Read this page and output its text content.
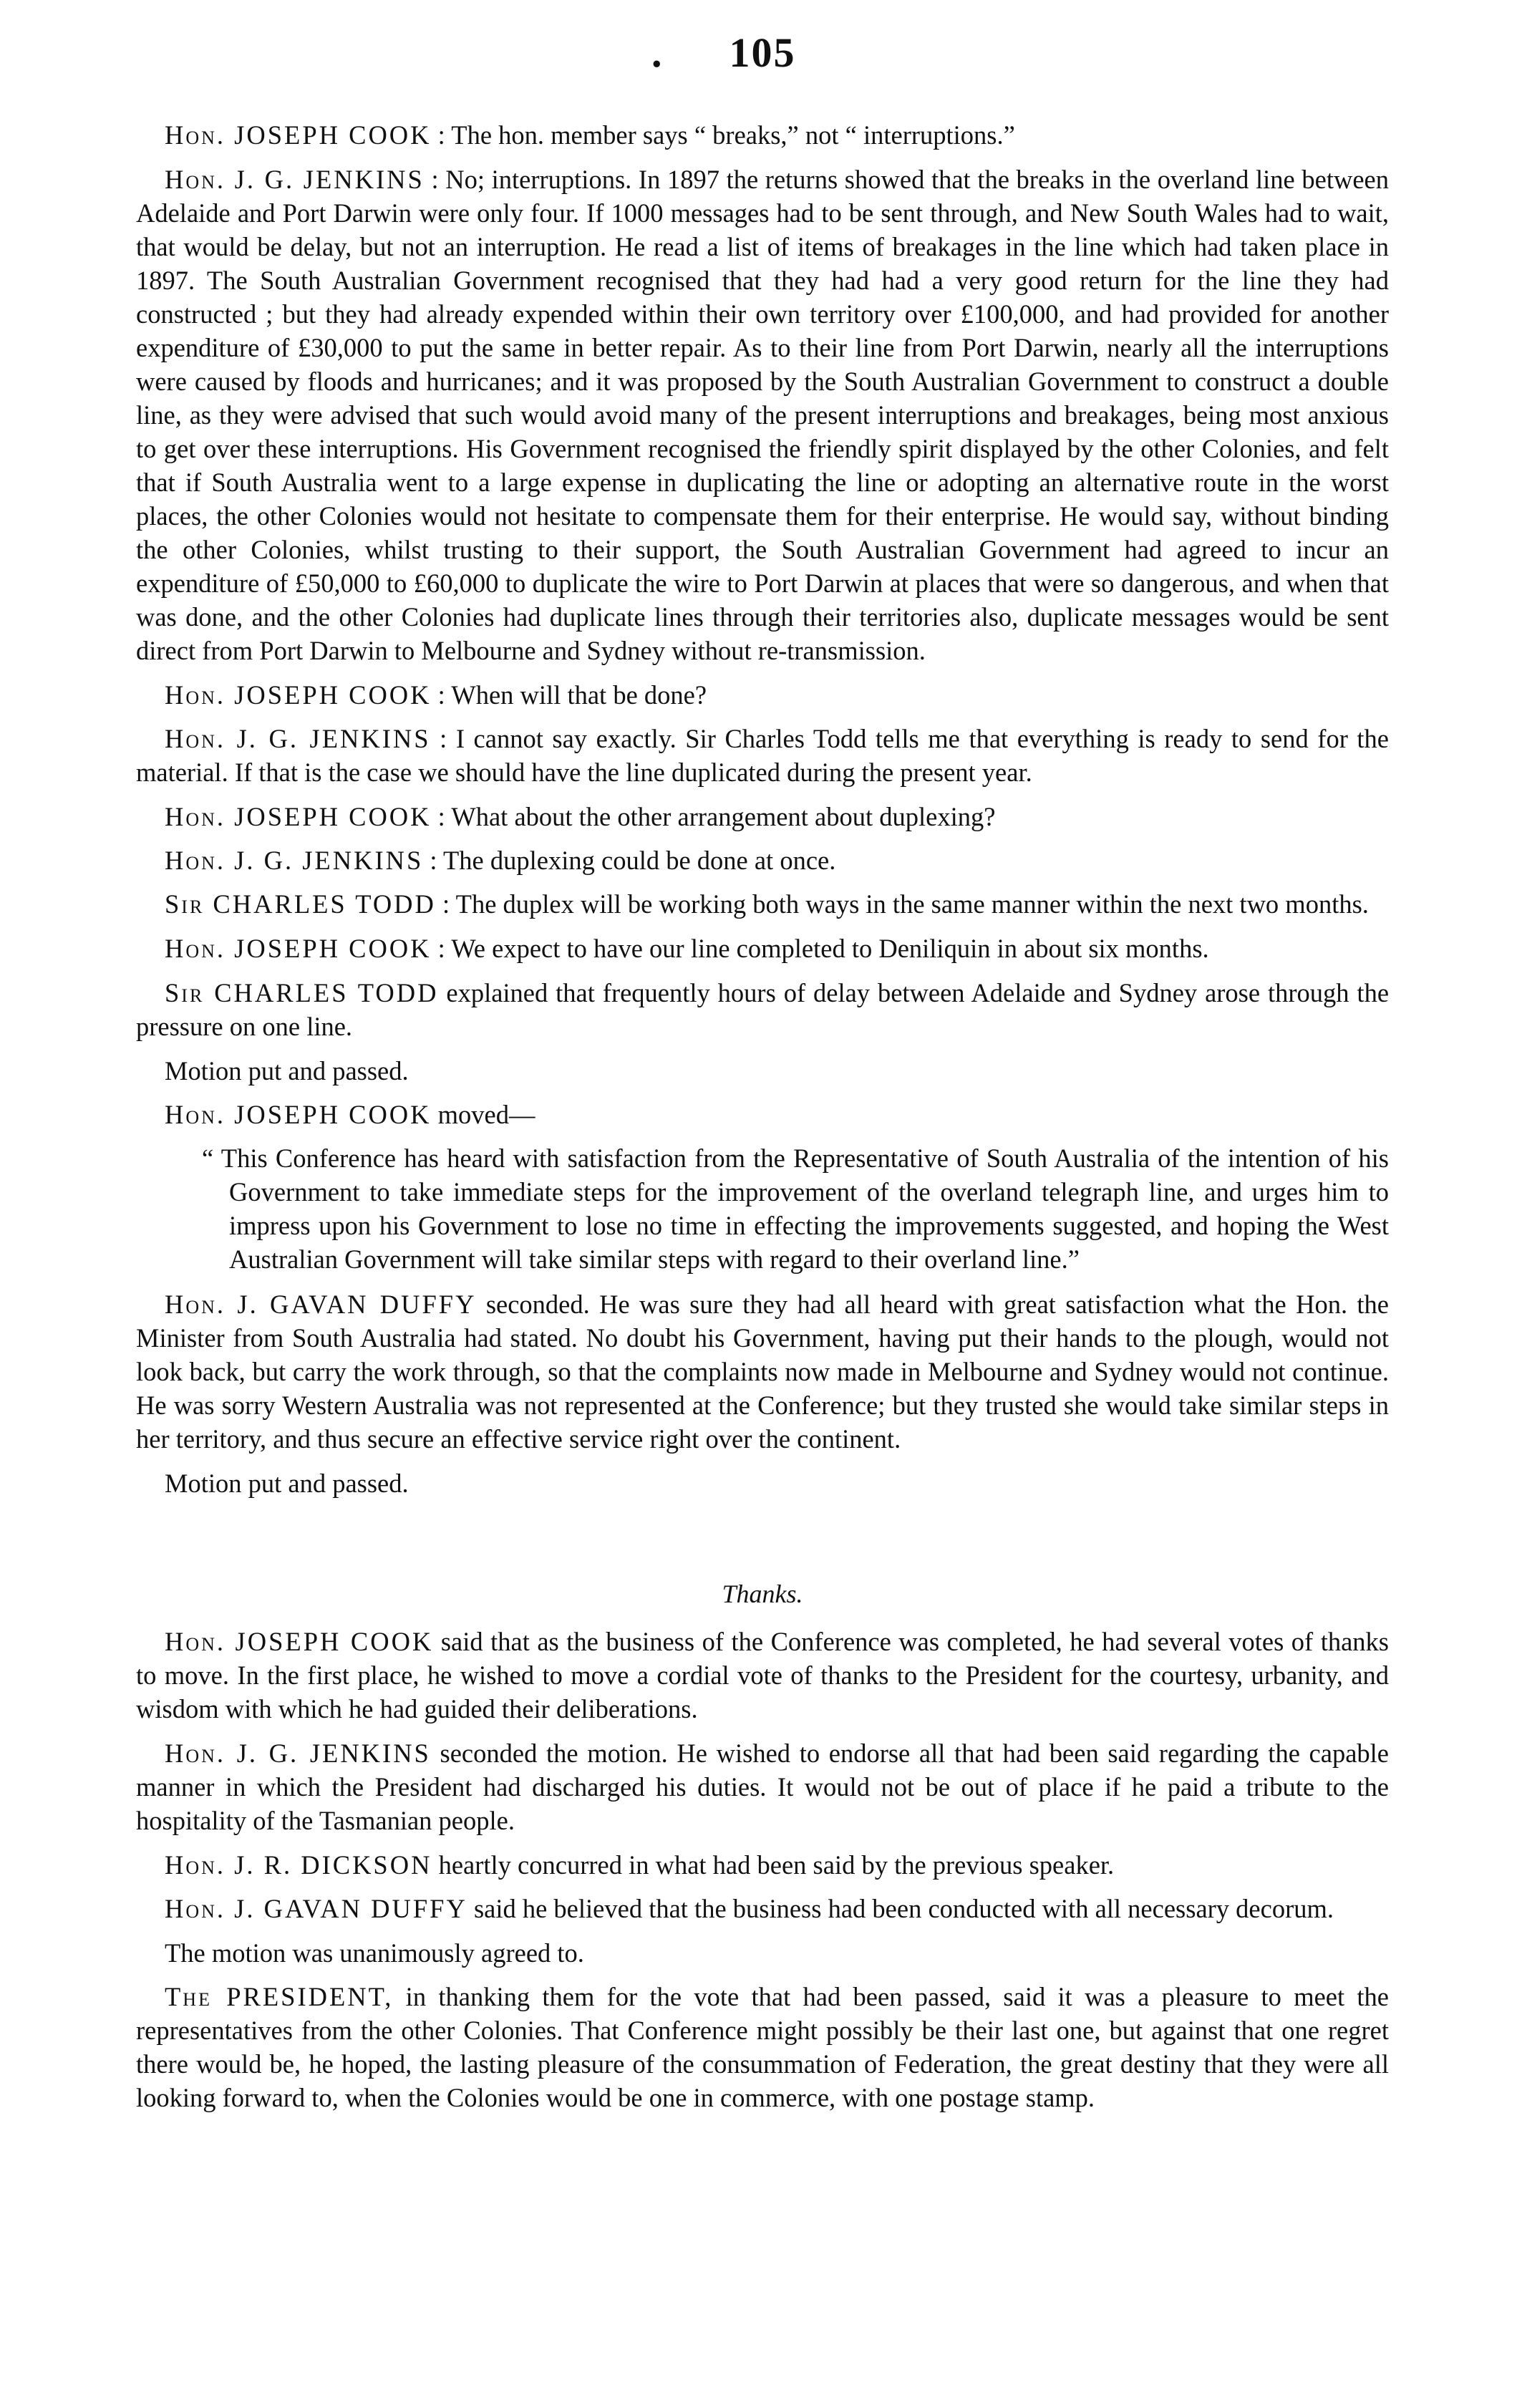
. 105

Hon. JOSEPH COOK : The hon. member says “ breaks,” not “ interruptions.”

Hon. J. G. JENKINS : No; interruptions. In 1897 the returns showed that the breaks in the overland line between Adelaide and Port Darwin were only four. If 1000 messages had to be sent through, and New South Wales had to wait, that would be delay, but not an interruption. He read a list of items of breakages in the line which had taken place in 1897. The South Australian Government recognised that they had had a very good return for the line they had constructed ; but they had already expended within their own territory over £100,000, and had provided for another expenditure of £30,000 to put the same in better repair. As to their line from Port Darwin, nearly all the interruptions were caused by floods and hurricanes; and it was proposed by the South Australian Government to construct a double line, as they were advised that such would avoid many of the present interruptions and breakages, being most anxious to get over these interruptions. His Government recognised the friendly spirit displayed by the other Colonies, and felt that if South Australia went to a large expense in duplicating the line or adopting an alternative route in the worst places, the other Colonies would not hesitate to compensate them for their enterprise. He would say, without binding the other Colonies, whilst trusting to their support, the South Australian Government had agreed to incur an expenditure of £50,000 to £60,000 to duplicate the wire to Port Darwin at places that were so dangerous, and when that was done, and the other Colonies had duplicate lines through their territories also, duplicate messages would be sent direct from Port Darwin to Melbourne and Sydney without re-transmission.

Hon. JOSEPH COOK : When will that be done?

Hon. J. G. JENKINS : I cannot say exactly. Sir Charles Todd tells me that everything is ready to send for the material. If that is the case we should have the line duplicated during the present year.

Hon. JOSEPH COOK : What about the other arrangement about duplexing?

Hon. J. G. JENKINS : The duplexing could be done at once.

Sir CHARLES TODD : The duplex will be working both ways in the same manner within the next two months.

Hon. JOSEPH COOK : We expect to have our line completed to Deniliquin in about six months.

Sir CHARLES TODD explained that frequently hours of delay between Adelaide and Sydney arose through the pressure on one line.

Motion put and passed.

Hon. JOSEPH COOK moved—

“ This Conference has heard with satisfaction from the Representative of South Australia of the intention of his Government to take immediate steps for the improvement of the overland telegraph line, and urges him to impress upon his Government to lose no time in effecting the improvements suggested, and hoping the West Australian Government will take similar steps with regard to their overland line.”

Hon. J. GAVAN DUFFY seconded. He was sure they had all heard with great satisfaction what the Hon. the Minister from South Australia had stated. No doubt his Government, having put their hands to the plough, would not look back, but carry the work through, so that the complaints now made in Melbourne and Sydney would not continue. He was sorry Western Australia was not represented at the Conference; but they trusted she would take similar steps in her territory, and thus secure an effective service right over the continent.

Motion put and passed.

Thanks.

Hon. JOSEPH COOK said that as the business of the Conference was completed, he had several votes of thanks to move. In the first place, he wished to move a cordial vote of thanks to the President for the courtesy, urbanity, and wisdom with which he had guided their deliberations.

Hon. J. G. JENKINS seconded the motion. He wished to endorse all that had been said regarding the capable manner in which the President had discharged his duties. It would not be out of place if he paid a tribute to the hospitality of the Tasmanian people.

Hon. J. R. DICKSON heartly concurred in what had been said by the previous speaker.

Hon. J. GAVAN DUFFY said he believed that the business had been conducted with all necessary decorum.

The motion was unanimously agreed to.

The PRESIDENT, in thanking them for the vote that had been passed, said it was a pleasure to meet the representatives from the other Colonies. That Conference might possibly be their last one, but against that one regret there would be, he hoped, the lasting pleasure of the consummation of Federation, the great destiny that they were all looking forward to, when the Colonies would be one in commerce, with one postage stamp.
